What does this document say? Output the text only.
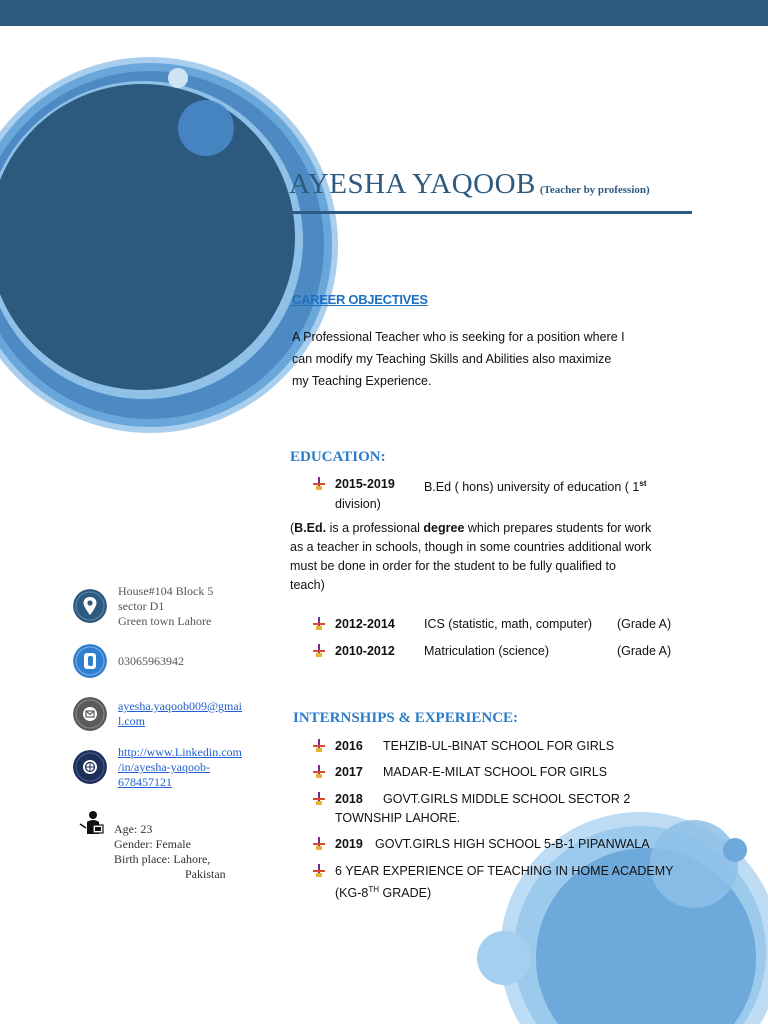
AYESHA YAQOOB (Teacher by profession)
CAREER OBJECTIVES
A Professional Teacher who is seeking for a position where I
can modify my Teaching Skills and Abilities also maximize
my Teaching Experience.
EDUCATION:
2015-2019 B.Ed ( hons) university of education ( 1st
division)
(B.Ed. is a professional degree which prepares students for work
as a teacher in schools, though in some countries additional work
must be done in order for the student to be fully qualified to
teach)
2012-2014 ICS (statistic, math, computer) (Grade A)
2010-2012 Matriculation (science)	(Grade A)
INTERNSHIPS & EXPERIENCE:
2016 TEHZIB-UL-BINAT SCHOOL FOR GIRLS
2017 MADAR-E-MILAT SCHOOL FOR GIRLS
2018 GOVT.GIRLS MIDDLE SCHOOL SECTOR 2
TOWNSHIP LAHORE.
2019 GOVT.GIRLS HIGH SCHOOL 5-B-1 PIPANWALA
6 YEAR EXPERIENCE OF TEACHING IN HOME ACADEMY
(KG-8TH GRADE)
House#104 Block 5
sector D1
Green town Lahore
03065963942
ayesha.yaqoob009@gmai
l.com
http://www.Linkedin.com
/in/ayesha-yaqoob-
678457121
Age: 23
Gender: Female
Birth place: Lahore,
Pakistan
